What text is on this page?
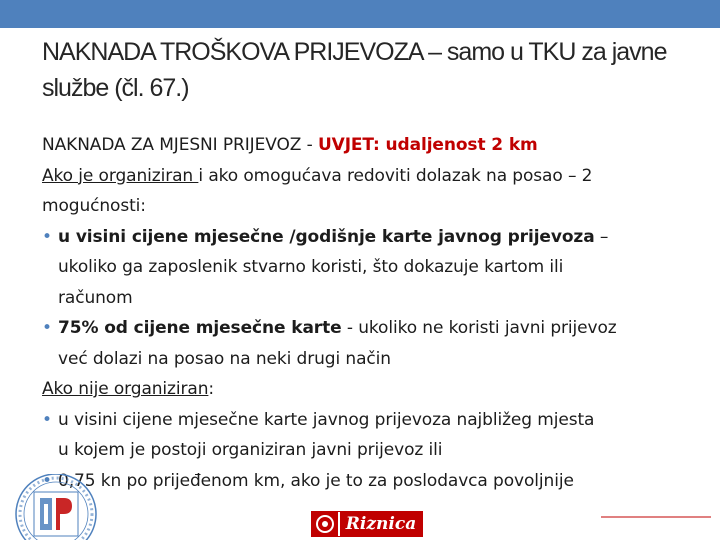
NAKNADA TROŠKOVA PRIJEVOZA – samo u TKU za javne službe (čl. 67.)
NAKNADA ZA MJESNI PRIJEVOZ - UVJET: udaljenost 2 km
Ako je organiziran i ako omogućava redoviti dolazak na posao – 2
mogućnosti:
• u visini cijene mjesečne /godišnje karte javnog prijevoza –
ukoliko ga zaposlenik stvarno koristi, što dokazuje kartom ili
računom
• 75% od cijene mjesečne karte - ukoliko ne koristi javni prijevoz
već dolazi na posao na neki drugi način
Ako nije organiziran:
• u visini cijene mjesečne karte javnog prijevoza najbližeg mjesta
u kojem je postoji organiziran javni prijevoz ili
• 0,75 kn po prijeđenom km, ako je to za poslodavca povoljnije
Riznica
